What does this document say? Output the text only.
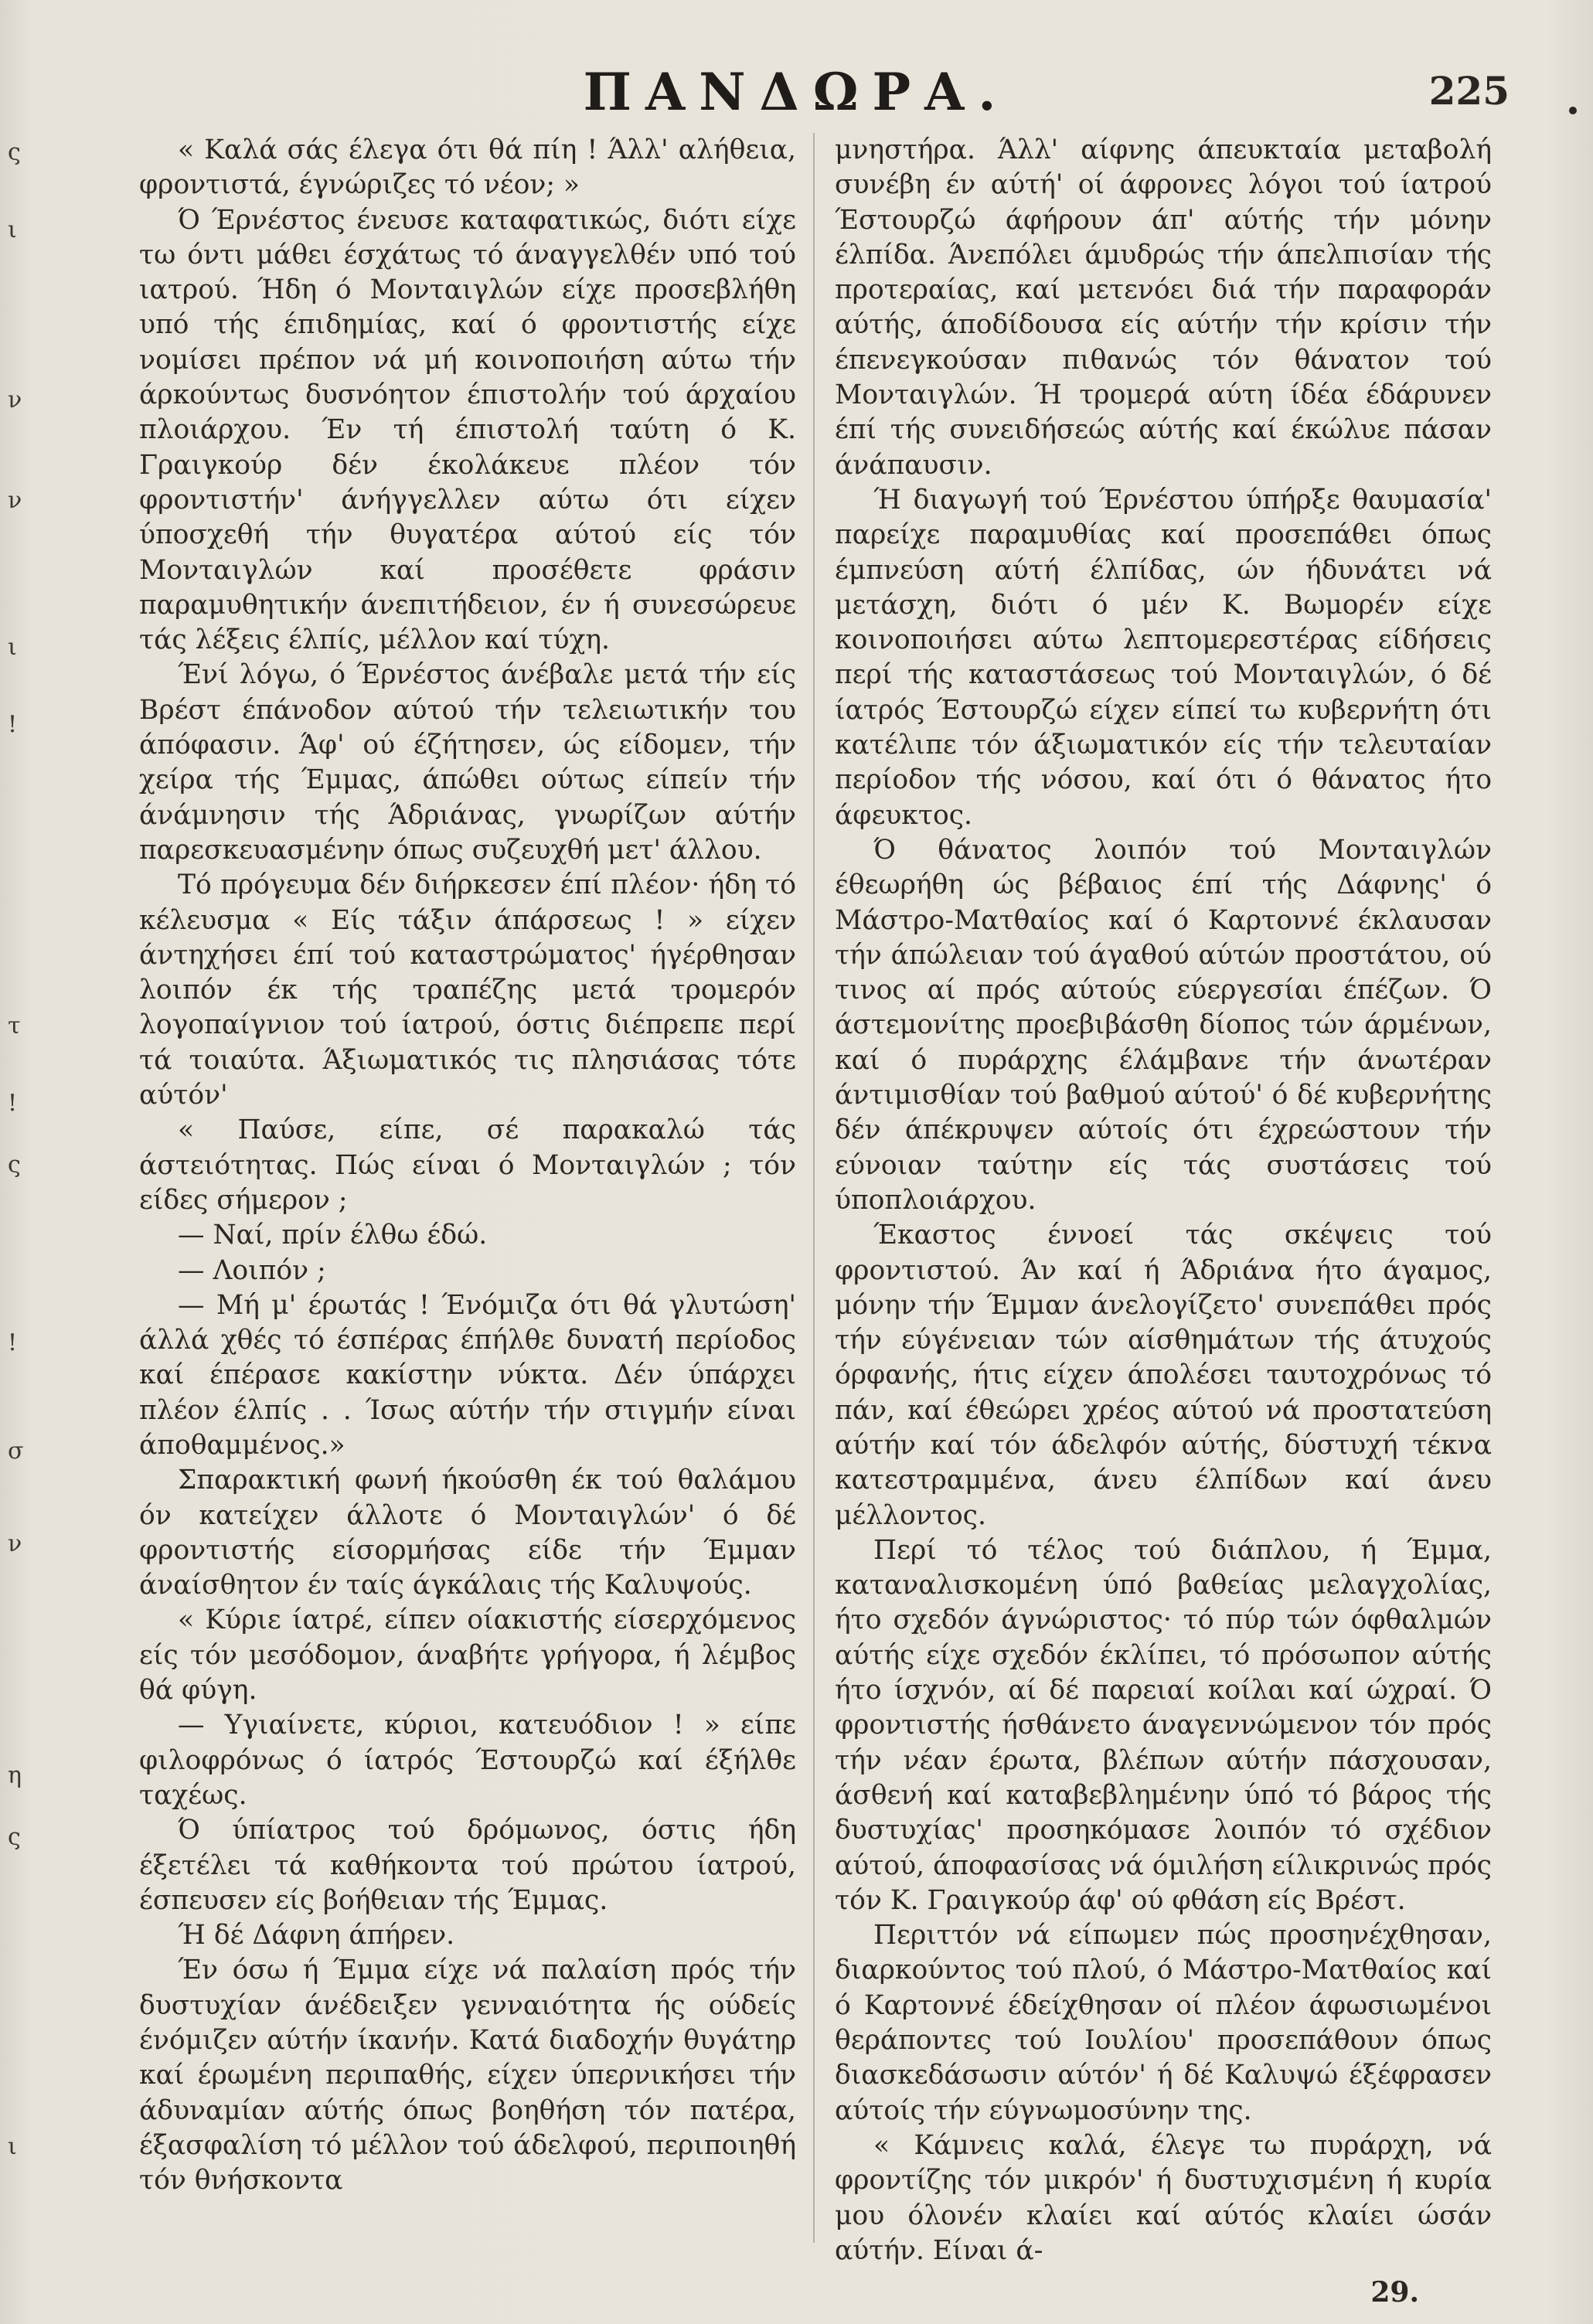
ς
ι
ν
ν
ι
!
τ
!
ς
!
σ
ν
η
ς
ι
ΠΑΝΔΩΡΑ.	225

« Καλά σάς έλεγα ότι θά πίη ! Άλλ' αλήθεια, φροντιστά, έγνώριζες τό νέον; »

Ό Έρνέστος ένευσε καταφατικώς, διότι είχε τω όντι μάθει έσχάτως τό άναγγελθέν υπό τού ιατρού. Ήδη ό Μονταιγλών είχε προσεβλήθη υπό τής έπιδημίας, καί ό φροντιστής είχε νομίσει πρέπον νά μή κοινοποιήση αύτω τήν άρκούντως δυσνόητον έπιστολήν τού άρχαίου πλοιάρχου. Έν τή έπιστολή ταύτη ό Κ. Γραιγκούρ δέν έκολάκευε πλέον τόν φροντιστήν' άνήγγελλεν αύτω ότι είχεν ύποσχεθή τήν θυγατέρα αύτού είς τόν Μονταιγλών καί προσέθετε φράσιν παραμυθητικήν άνεπιτήδειον, έν ή συνεσώρευε τάς λέξεις έλπίς, μέλλον καί τύχη.

Ένί λόγω, ό Έρνέστος άνέβαλε μετά τήν είς Βρέστ έπάνοδον αύτού τήν τελειωτικήν του άπόφασιν. Άφ' ού έζήτησεν, ώς είδομεν, τήν χείρα τής Έμμας, άπώθει ούτως είπείν τήν άνάμνησιν τής Άδριάνας, γνωρίζων αύτήν παρεσκευασμένην όπως συζευχθή μετ' άλλου.

Τό πρόγευμα δέν διήρκεσεν έπί πλέον· ήδη τό κέλευσμα « Είς τάξιν άπάρσεως ! » είχεν άντηχήσει έπί τού καταστρώματος' ήγέρθησαν λοιπόν έκ τής τραπέζης μετά τρομερόν λογοπαίγνιον τού ίατρού, όστις διέπρεπε περί τά τοιαύτα. Άξιωματικός τις πλησιάσας τότε αύτόν'

« Παύσε, είπε, σέ παρακαλώ τάς άστειότητας. Πώς είναι ό Μονταιγλών ; τόν είδες σήμερον ;

— Ναί, πρίν έλθω έδώ.

— Λοιπόν ;

— Μή μ' έρωτάς ! Ένόμιζα ότι θά γλυτώση' άλλά χθές τό έσπέρας έπήλθε δυνατή περίοδος καί έπέρασε κακίστην νύκτα. Δέν ύπάρχει πλέον έλπίς . . Ίσως αύτήν τήν στιγμήν είναι άποθαμμένος.»

Σπαρακτική φωνή ήκούσθη έκ τού θαλάμου όν κατείχεν άλλοτε ό Μονταιγλών' ό δέ φροντιστής είσορμήσας είδε τήν Έμμαν άναίσθητον έν ταίς άγκάλαις τής Καλυψούς.

« Κύριε ίατρέ, είπεν οίακιστής είσερχόμενος είς τόν μεσόδομον, άναβήτε γρήγορα, ή λέμβος θά φύγη.

— Υγιαίνετε, κύριοι, κατευόδιον ! » είπε φιλοφρόνως ό ίατρός Έστουρζώ καί έξήλθε ταχέως.

Ό ύπίατρος τού δρόμωνος, όστις ήδη έξετέλει τά καθήκοντα τού πρώτου ίατρού, έσπευσεν είς βοήθειαν τής Έμμας.

Ή δέ Δάφνη άπήρεν.

Έν όσω ή Έμμα είχε νά παλαίση πρός τήν δυστυχίαν άνέδειξεν γενναιότητα ής ούδείς ένόμιζεν αύτήν ίκανήν. Κατά διαδοχήν θυγάτηρ καί έρωμένη περιπαθής, είχεν ύπερνικήσει τήν άδυναμίαν αύτής όπως βοηθήση τόν πατέρα, έξασφαλίση τό μέλλον τού άδελφού, περιποιηθή τόν θνήσκοντα

μνηστήρα. Άλλ' αίφνης άπευκταία μεταβολή συνέβη έν αύτή' οί άφρονες λόγοι τού ίατρού Έστουρζώ άφήρουν άπ' αύτής τήν μόνην έλπίδα. Άνεπόλει άμυδρώς τήν άπελπισίαν τής προτεραίας, καί μετενόει διά τήν παραφοράν αύτής, άποδίδουσα είς αύτήν τήν κρίσιν τήν έπενεγκούσαν πιθανώς τόν θάνατον τού Μονταιγλών. Ή τρομερά αύτη ίδέα έδάρυνεν έπί τής συνειδήσεώς αύτής καί έκώλυε πάσαν άνάπαυσιν.

Ή διαγωγή τού Έρνέστου ύπήρξε θαυμασία' παρείχε παραμυθίας καί προσεπάθει όπως έμπνεύση αύτή έλπίδας, ών ήδυνάτει νά μετάσχη, διότι ό μέν Κ. Βωμορέν είχε κοινοποιήσει αύτω λεπτομερεστέρας είδήσεις περί τής καταστάσεως τού Μονταιγλών, ό δέ ίατρός Έστουρζώ είχεν είπεί τω κυβερνήτη ότι κατέλιπε τόν άξιωματικόν είς τήν τελευταίαν περίοδον τής νόσου, καί ότι ό θάνατος ήτο άφευκτος.

Ό θάνατος λοιπόν τού Μονταιγλών έθεωρήθη ώς βέβαιος έπί τής Δάφνης' ό Μάστρο-Ματθαίος καί ό Καρτοννέ έκλαυσαν τήν άπώλειαν τού άγαθού αύτών προστάτου, ού τινος αί πρός αύτούς εύεργεσίαι έπέζων. Ό άστεμονίτης προεβιβάσθη δίοπος τών άρμένων, καί ό πυράρχης έλάμβανε τήν άνωτέραν άντιμισθίαν τού βαθμού αύτού' ό δέ κυβερνήτης δέν άπέκρυψεν αύτοίς ότι έχρεώστουν τήν εύνοιαν ταύτην είς τάς συστάσεις τού ύποπλοιάρχου.

Έκαστος έννοεί τάς σκέψεις τού φροντιστού. Άν καί ή Άδριάνα ήτο άγαμος, μόνην τήν Έμμαν άνελογίζετο' συνεπάθει πρός τήν εύγένειαν τών αίσθημάτων τής άτυχούς όρφανής, ήτις είχεν άπολέσει ταυτοχρόνως τό πάν, καί έθεώρει χρέος αύτού νά προστατεύση αύτήν καί τόν άδελφόν αύτής, δύστυχή τέκνα κατεστραμμένα, άνευ έλπίδων καί άνευ μέλλοντος.

Περί τό τέλος τού διάπλου, ή Έμμα, καταναλισκομένη ύπό βαθείας μελαγχολίας, ήτο σχεδόν άγνώριστος· τό πύρ τών όφθαλμών αύτής είχε σχεδόν έκλίπει, τό πρόσωπον αύτής ήτο ίσχνόν, αί δέ παρειαί κοίλαι καί ώχραί. Ό φροντιστής ήσθάνετο άναγεννώμενον τόν πρός τήν νέαν έρωτα, βλέπων αύτήν πάσχουσαν, άσθενή καί καταβεβλημένην ύπό τό βάρος τής δυστυχίας' προσηκόμασε λοιπόν τό σχέδιον αύτού, άποφασίσας νά όμιλήση είλικρινώς πρός τόν Κ. Γραιγκούρ άφ' ού φθάση είς Βρέστ.

Περιττόν νά είπωμεν πώς προσηνέχθησαν, διαρκούντος τού πλού, ό Μάστρο-Ματθαίος καί ό Καρτοννέ έδείχθησαν οί πλέον άφωσιωμένοι θεράποντες τού Ιουλίου' προσεπάθουν όπως διασκεδάσωσιν αύτόν' ή δέ Καλυψώ έξέφρασεν αύτοίς τήν εύγνωμοσύνην της.

« Κάμνεις καλά, έλεγε τω πυράρχη, νά φροντίζης τόν μικρόν' ή δυστυχισμένη ή κυρία μου όλονέν κλαίει καί αύτός κλαίει ώσάν αύτήν. Είναι ά-

29.
